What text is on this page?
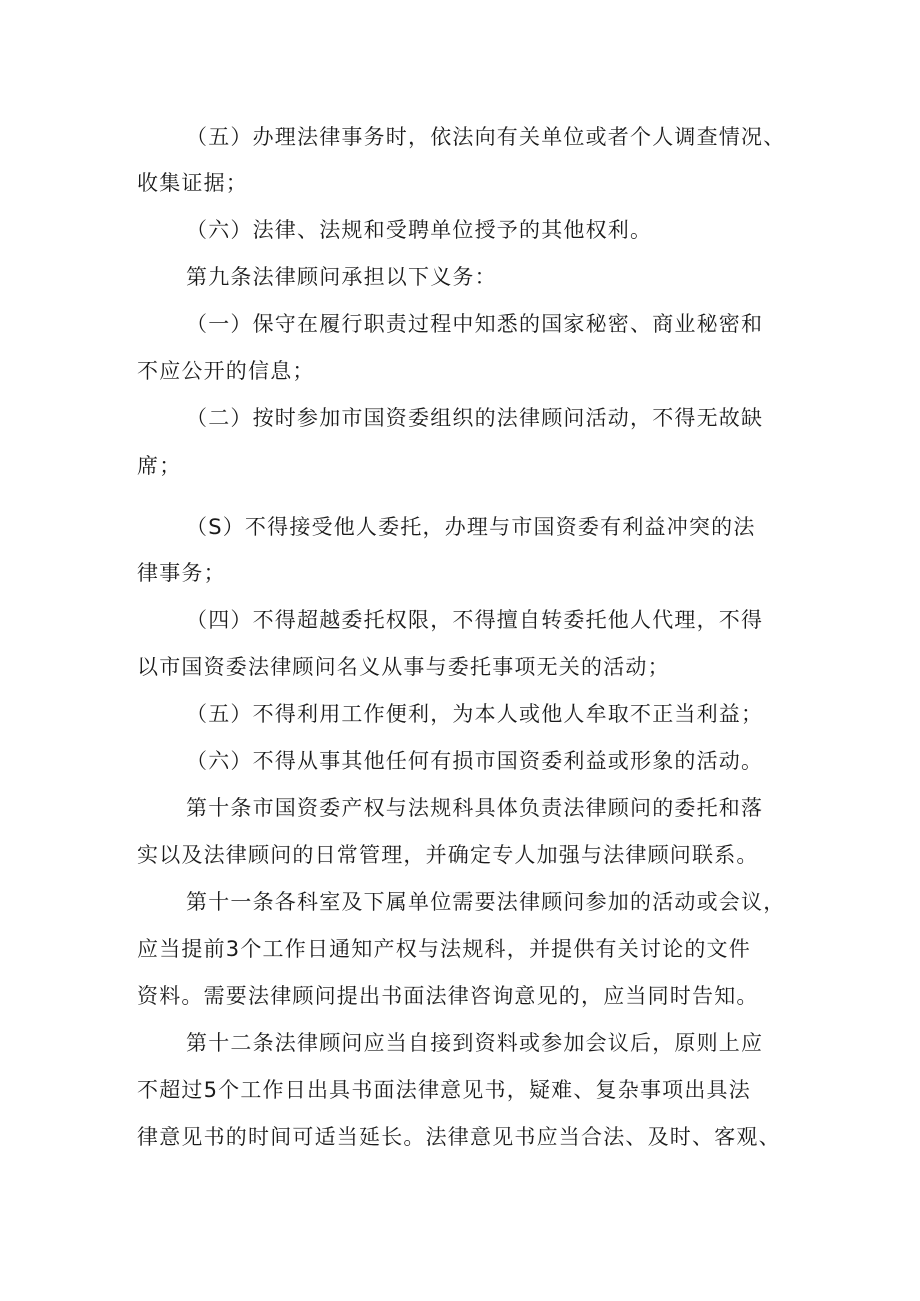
（五）办理法律事务时，依法向有关单位或者个人调查情况、

收集证据；

（六）法律、法规和受聘单位授予的其他权利。

第九条法律顾问承担以下义务：

（一）保守在履行职责过程中知悉的国家秘密、商业秘密和

不应公开的信息；

（二）按时参加市国资委组织的法律顾问活动，不得无故缺

席；

（S）不得接受他人委托，办理与市国资委有利益冲突的法

律事务；

（四）不得超越委托权限，不得擅自转委托他人代理，不得

以市国资委法律顾问名义从事与委托事项无关的活动；

（五）不得利用工作便利，为本人或他人牟取不正当利益；

（六）不得从事其他任何有损市国资委利益或形象的活动。

第十条市国资委产权与法规科具体负责法律顾问的委托和落

实以及法律顾问的日常管理，并确定专人加强与法律顾问联系。

第十一条各科室及下属单位需要法律顾问参加的活动或会议，

应当提前3个工作日通知产权与法规科，并提供有关讨论的文件

资料。需要法律顾问提出书面法律咨询意见的，应当同时告知。

第十二条法律顾问应当自接到资料或参加会议后，原则上应

不超过5个工作日出具书面法律意见书，疑难、复杂事项出具法

律意见书的时间可适当延长。法律意见书应当合法、及时、客观、
